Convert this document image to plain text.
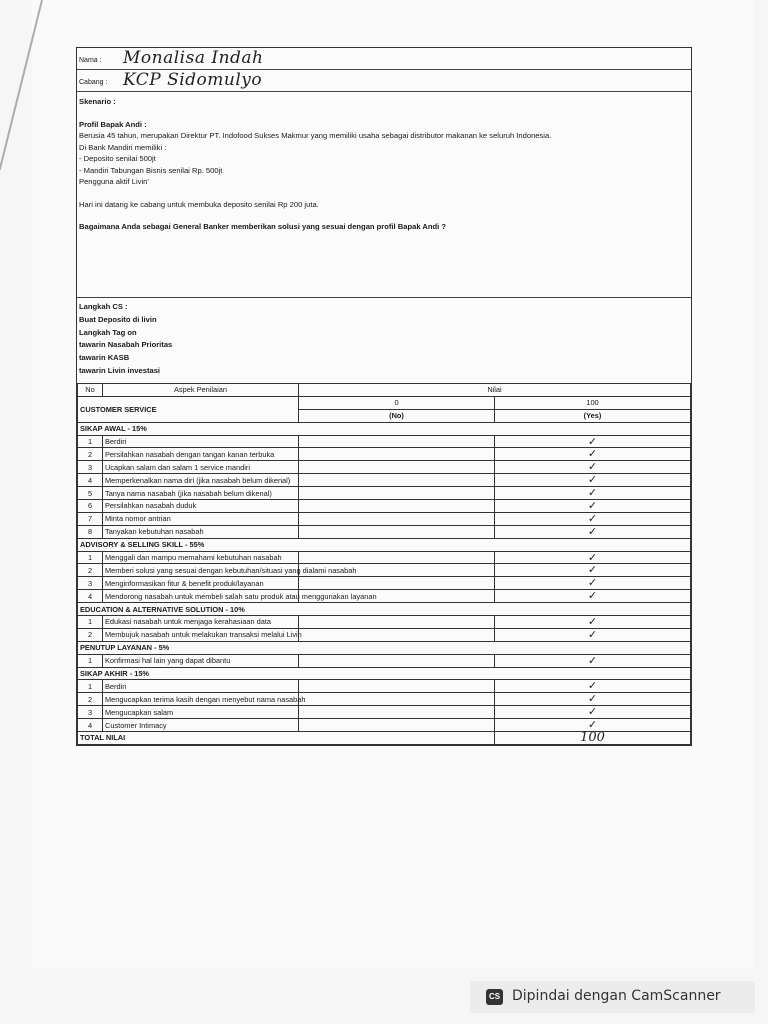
Nama : Monalisa Indah
Cabang : KCP Sidomulyo
Skenario :
Profil Bapak Andi :
Berusia 45 tahun, merupakan Direktur PT. Indofood Sukses Makmur yang memiliki usaha sebagai distributor makanan ke seluruh Indonesia.
Di Bank Mandiri memiliki :
- Deposito senilai 500jt
- Mandiri Tabungan Bisnis senilai Rp. 500jt
Pengguna aktif Livin'
Hari ini datang ke cabang untuk membuka deposito senilai Rp 200 juta.
Bagaimana Anda sebagai General Banker memberikan solusi yang sesuai dengan profil Bapak Andi ?
Langkah CS :
Buat Deposito di livin
Langkah Tag on
tawarin Nasabah Prioritas
tawarin KASB
tawarin Livin investasi
No	Aspek Penilaian	Nilai	
CUSTOMER SERVICE		0	100
		(No)	(Yes)
SIKAP AWAL - 15%			
1	Berdiri		✓
2	Persilahkan nasabah dengan tangan kanan terbuka		✓
3	Ucapkan salam dan salam 1 service mandiri		✓
4	Memperkenalkan nama diri (jika nasabah belum dikenal)		✓
5	Tanya nama nasabah (jika nasabah belum dikenal)		✓
6	Persilahkan nasabah duduk		✓
7	Minta nomor antrian		✓
8	Tanyakan kebutuhan nasabah		✓
ADVISORY & SELLING SKILL - 55%			
1	Menggali dan mampu memahami kebutuhan nasabah		✓
2	Memberi solusi yang sesuai dengan kebutuhan/situasi yang dialami nasabah		✓
3	Menginformasikan fitur & benefit produk/layanan		✓
4	Mendorong nasabah untuk membeli salah satu produk atau menggunakan layanan		✓
EDUCATION & ALTERNATIVE SOLUTION - 10%			
1	Edukasi nasabah untuk menjaga kerahasiaan data		✓
2	Membujuk nasabah untuk melakukan transaksi melalui Livin		✓
PENUTUP LAYANAN - 5%			
1	Konfirmasi hal lain yang dapat dibantu		✓
SIKAP AKHIR - 15%			
1	Berdiri		✓
2	Mengucapkan terima kasih dengan menyebut nama nasabah		✓
3	Mengucapkan salam		✓
4	Customer Intimacy		✓
TOTAL NILAI			100
CS Dipindai dengan CamScanner
